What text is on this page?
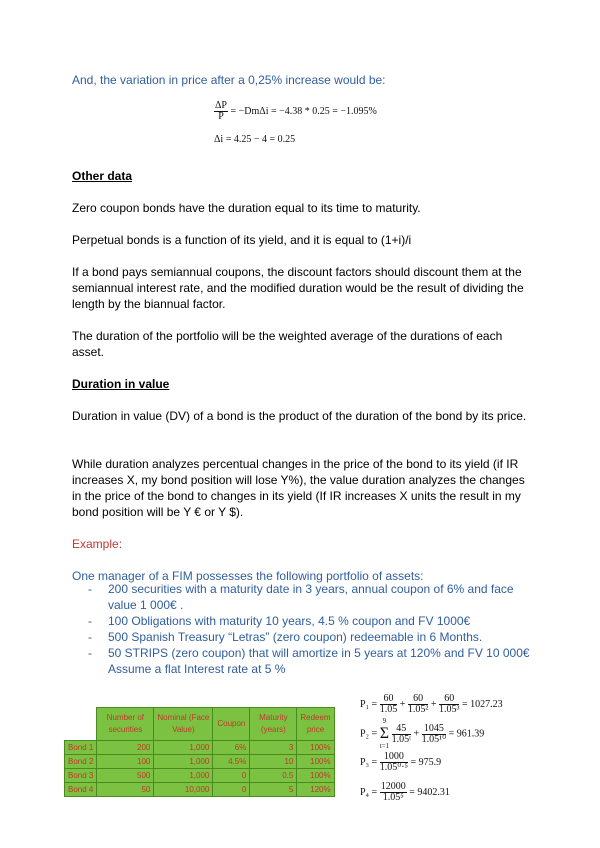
And, the variation in price after a 0,25% increase would be:

$\frac{\Delta P}{P} = -Dm\Delta i = -4.38 * 0.25 = -1.095\%$
Δi = 4.25 − 4 = 0.25

Other data

Zero coupon bonds have the duration equal to its time to maturity.

Perpetual bonds is a function of its yield, and it is equal to (1+i)/i

If a bond pays semiannual coupons, the discount factors should discount them at the semiannual interest rate, and the modified duration would be the result of dividing the length by the biannual factor.

The duration of the portfolio will be the weighted average of the durations of each asset.

Duration in value

Duration in value (DV) of a bond is the product of the duration of the bond by its price.

While duration analyzes percentual changes in the price of the bond to its yield (if IR increases X, my bond position will lose Y%), the value duration analyzes the changes in the price of the bond to changes in its yield (If IR increases X units the result in my bond position will be Y € or Y $).

Example:

One manager of a FIM possesses the following portfolio of assets:

- 200 securities with a maturity date in 3 years, annual coupon of 6% and face value 1 000€ .
- 100 Obligations with maturity 10 years, 4.5 % coupon and FV 1000€
- 500 Spanish Treasury “Letras” (zero coupon) redeemable in 6 Months.
- 50 STRIPS (zero coupon) that will amortize in 5 years at 120% and FV 10 000€ Assume a flat Interest rate at 5 %
	Number of securities	Nominal (Face Value)	Coupon	Maturity (years)	Redeem price
Bond 1	200	1,000	6%	3	100%
Bond 2	100	1,000	4.5%	10	100%
Bond 3	500	1,000	0	0.5	100%
Bond 4	50	10,000	0	5	120%
$P_1 = \frac{60}{1.05} + \frac{60}{\text{1.05²}} + \frac{60}{\text{1.05³}} = 1027.23$
P₂ =
9
Σ
t=1

$\frac{45}{\text{1.05ᵗ}} + \frac{1045}{\text{1.05¹⁰}} = 961.39$
$P_3 = \frac{1000}{\text{1.05⁰·⁵}} = 975.9$
$P_4 = \frac{12000}{\text{1.05⁵}} = 9402.31$
